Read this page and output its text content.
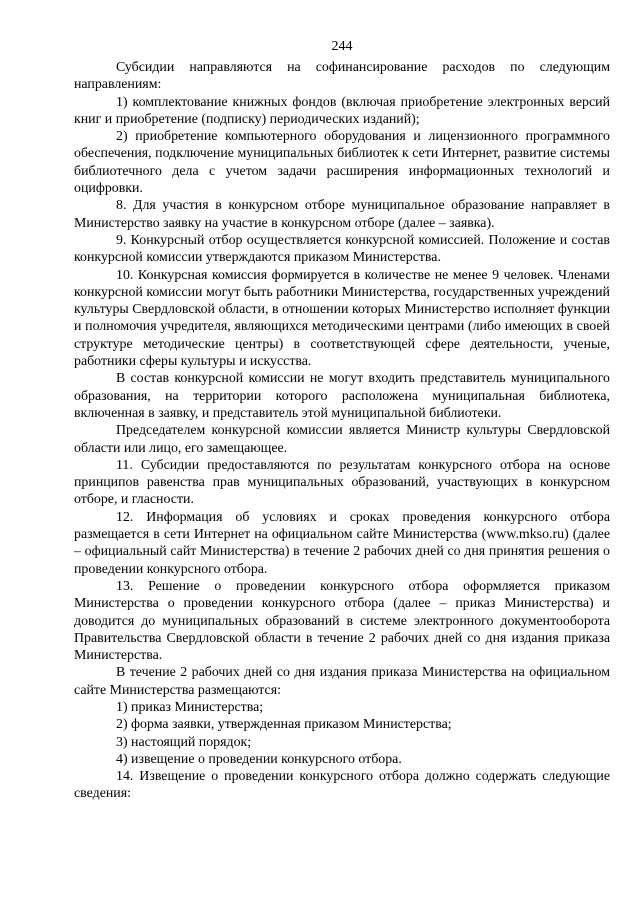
244

Субсидии направляются на софинансирование расходов по следующим направлениям:

1) комплектование книжных фондов (включая приобретение электронных версий книг и приобретение (подписку) периодических изданий);

2) приобретение компьютерного оборудования и лицензионного программного обеспечения, подключение муниципальных библиотек к сети Интернет, развитие системы библиотечного дела с учетом задачи расширения информационных технологий и оцифровки.

8. Для участия в конкурсном отборе муниципальное образование направляет в Министерство заявку на участие в конкурсном отборе (далее – заявка).

9. Конкурсный отбор осуществляется конкурсной комиссией. Положение и состав конкурсной комиссии утверждаются приказом Министерства.

10. Конкурсная комиссия формируется в количестве не менее 9 человек. Членами конкурсной комиссии могут быть работники Министерства, государственных учреждений культуры Свердловской области, в отношении которых Министерство исполняет функции и полномочия учредителя, являющихся методическими центрами (либо имеющих в своей структуре методические центры) в соответствующей сфере деятельности, ученые, работники сферы культуры и искусства.

В состав конкурсной комиссии не могут входить представитель муниципального образования, на территории которого расположена муниципальная библиотека, включенная в заявку, и представитель этой муниципальной библиотеки.

Председателем конкурсной комиссии является Министр культуры Свердловской области или лицо, его замещающее.

11. Субсидии предоставляются по результатам конкурсного отбора на основе принципов равенства прав муниципальных образований, участвующих в конкурсном отборе, и гласности.

12. Информация об условиях и сроках проведения конкурсного отбора размещается в сети Интернет на официальном сайте Министерства (www.mkso.ru) (далее – официальный сайт Министерства) в течение 2 рабочих дней со дня принятия решения о проведении конкурсного отбора.

13. Решение о проведении конкурсного отбора оформляется приказом Министерства о проведении конкурсного отбора (далее – приказ Министерства) и доводится до муниципальных образований в системе электронного документооборота Правительства Свердловской области в течение 2 рабочих дней со дня издания приказа Министерства.

В течение 2 рабочих дней со дня издания приказа Министерства на официальном сайте Министерства размещаются:

1) приказ Министерства;

2) форма заявки, утвержденная приказом Министерства;

3) настоящий порядок;

4) извещение о проведении конкурсного отбора.

14. Извещение о проведении конкурсного отбора должно содержать следующие сведения:
